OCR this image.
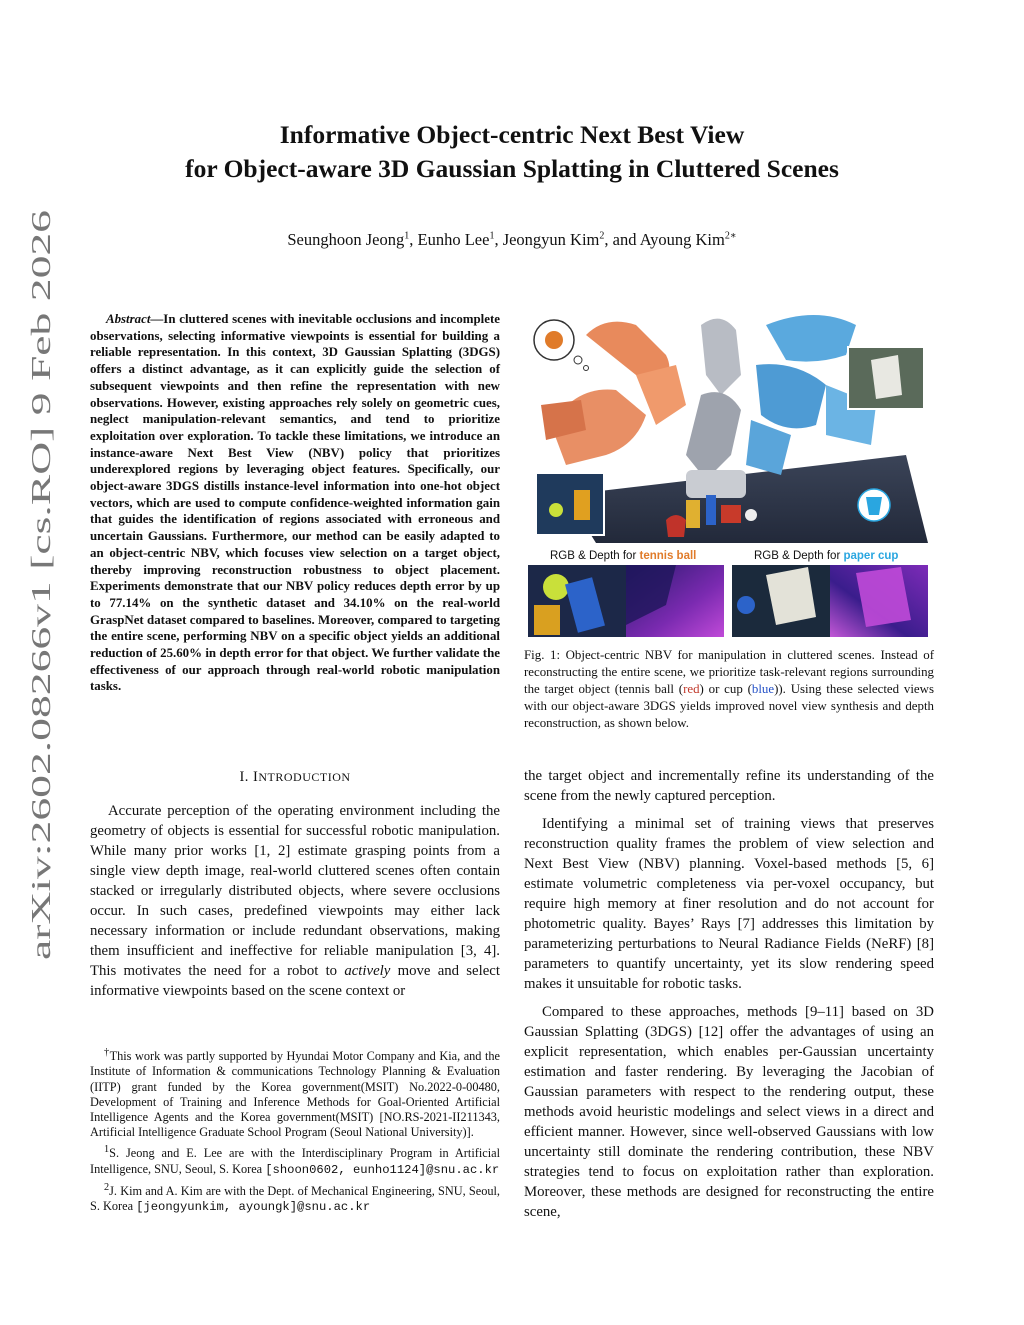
arXiv:2602.08266v1 [cs.RO] 9 Feb 2026
Informative Object-centric Next Best View
for Object-aware 3D Gaussian Splatting in Cluttered Scenes
Seunghoon Jeong$^1$, Eunho Lee$^1$, Jeongyun Kim$^2$, and Ayoung Kim$^{2∗}$
Abstract—In cluttered scenes with inevitable occlusions and incomplete observations, selecting informative viewpoints is essential for building a reliable representation. In this context, 3D Gaussian Splatting (3DGS) offers a distinct advantage, as it can explicitly guide the selection of subsequent viewpoints and then refine the representation with new observations. However, existing approaches rely solely on geometric cues, neglect manipulation-relevant semantics, and tend to prioritize exploitation over exploration. To tackle these limitations, we introduce an instance-aware Next Best View (NBV) policy that prioritizes underexplored regions by leveraging object features. Specifically, our object-aware 3DGS distills instance-level information into one-hot object vectors, which are used to compute confidence-weighted information gain that guides the identification of regions associated with erroneous and uncertain Gaussians. Furthermore, our method can be easily adapted to an object-centric NBV, which focuses view selection on a target object, thereby improving reconstruction robustness to object placement. Experiments demonstrate that our NBV policy reduces depth error by up to 77.14% on the synthetic dataset and 34.10% on the real-world GraspNet dataset compared to baselines. Moreover, compared to targeting the entire scene, performing NBV on a specific object yields an additional reduction of 25.60% in depth error for that object. We further validate the effectiveness of our approach through real-world robotic manipulation tasks.
I. INTRODUCTION

Accurate perception of the operating environment including the geometry of objects is essential for successful robotic manipulation. While many prior works [1, 2] estimate grasping points from a single view depth image, real-world cluttered scenes often contain stacked or irregularly distributed objects, where severe occlusions occur. In such cases, predefined viewpoints may either lack necessary information or include redundant observations, making them insufficient and ineffective for reliable manipulation [3, 4]. This motivates the need for a robot to actively move and select informative viewpoints based on the scene context or

†This work was partly supported by Hyundai Motor Company and Kia, and the Institute of Information & communications Technology Planning & Evaluation (IITP) grant funded by the Korea government(MSIT) No.2022-0-00480, Development of Training and Inference Methods for Goal-Oriented Artificial Intelligence Agents and the Korea government(MSIT) [NO.RS-2021-II211343, Artificial Intelligence Graduate School Program (Seoul National University)].

$^1$S. Jeong and E. Lee are with the Interdisciplinary Program in Artificial Intelligence, SNU, Seoul, S. Korea [shoon0602, eunho1124]@snu.ac.kr

$^2$J. Kim and A. Kim are with the Dept. of Mechanical Engineering, SNU, Seoul, S. Korea [jeongyunkim, ayoungk]@snu.ac.kr

RGB & Depth for tennis ball	RGB & Depth for paper cup
Fig. 1: Object-centric NBV for manipulation in cluttered scenes. Instead of reconstructing the entire scene, we prioritize task-relevant regions surrounding the target object (tennis ball (red) or cup (blue)). Using these selected views with our object-aware 3DGS yields improved novel view synthesis and depth reconstruction, as shown below.

the target object and incrementally refine its understanding of the scene from the newly captured perception.

Identifying a minimal set of training views that preserves reconstruction quality frames the problem of view selection and Next Best View (NBV) planning. Voxel-based methods [5, 6] estimate volumetric completeness via per-voxel occupancy, but require high memory at finer resolution and do not account for photometric quality. Bayes’ Rays [7] addresses this limitation by parameterizing perturbations to Neural Radiance Fields (NeRF) [8] parameters to quantify uncertainty, yet its slow rendering speed makes it unsuitable for robotic tasks.

Compared to these approaches, methods [9–11] based on 3D Gaussian Splatting (3DGS) [12] offer the advantages of using an explicit representation, which enables per-Gaussian uncertainty estimation and faster rendering. By leveraging the Jacobian of Gaussian parameters with respect to the rendering output, these methods avoid heuristic modelings and select views in a direct and efficient manner. However, since well-observed Gaussians with low uncertainty still dominate the rendering contribution, these NBV strategies tend to focus on exploitation rather than exploration. Moreover, these methods are designed for reconstructing the entire scene,
